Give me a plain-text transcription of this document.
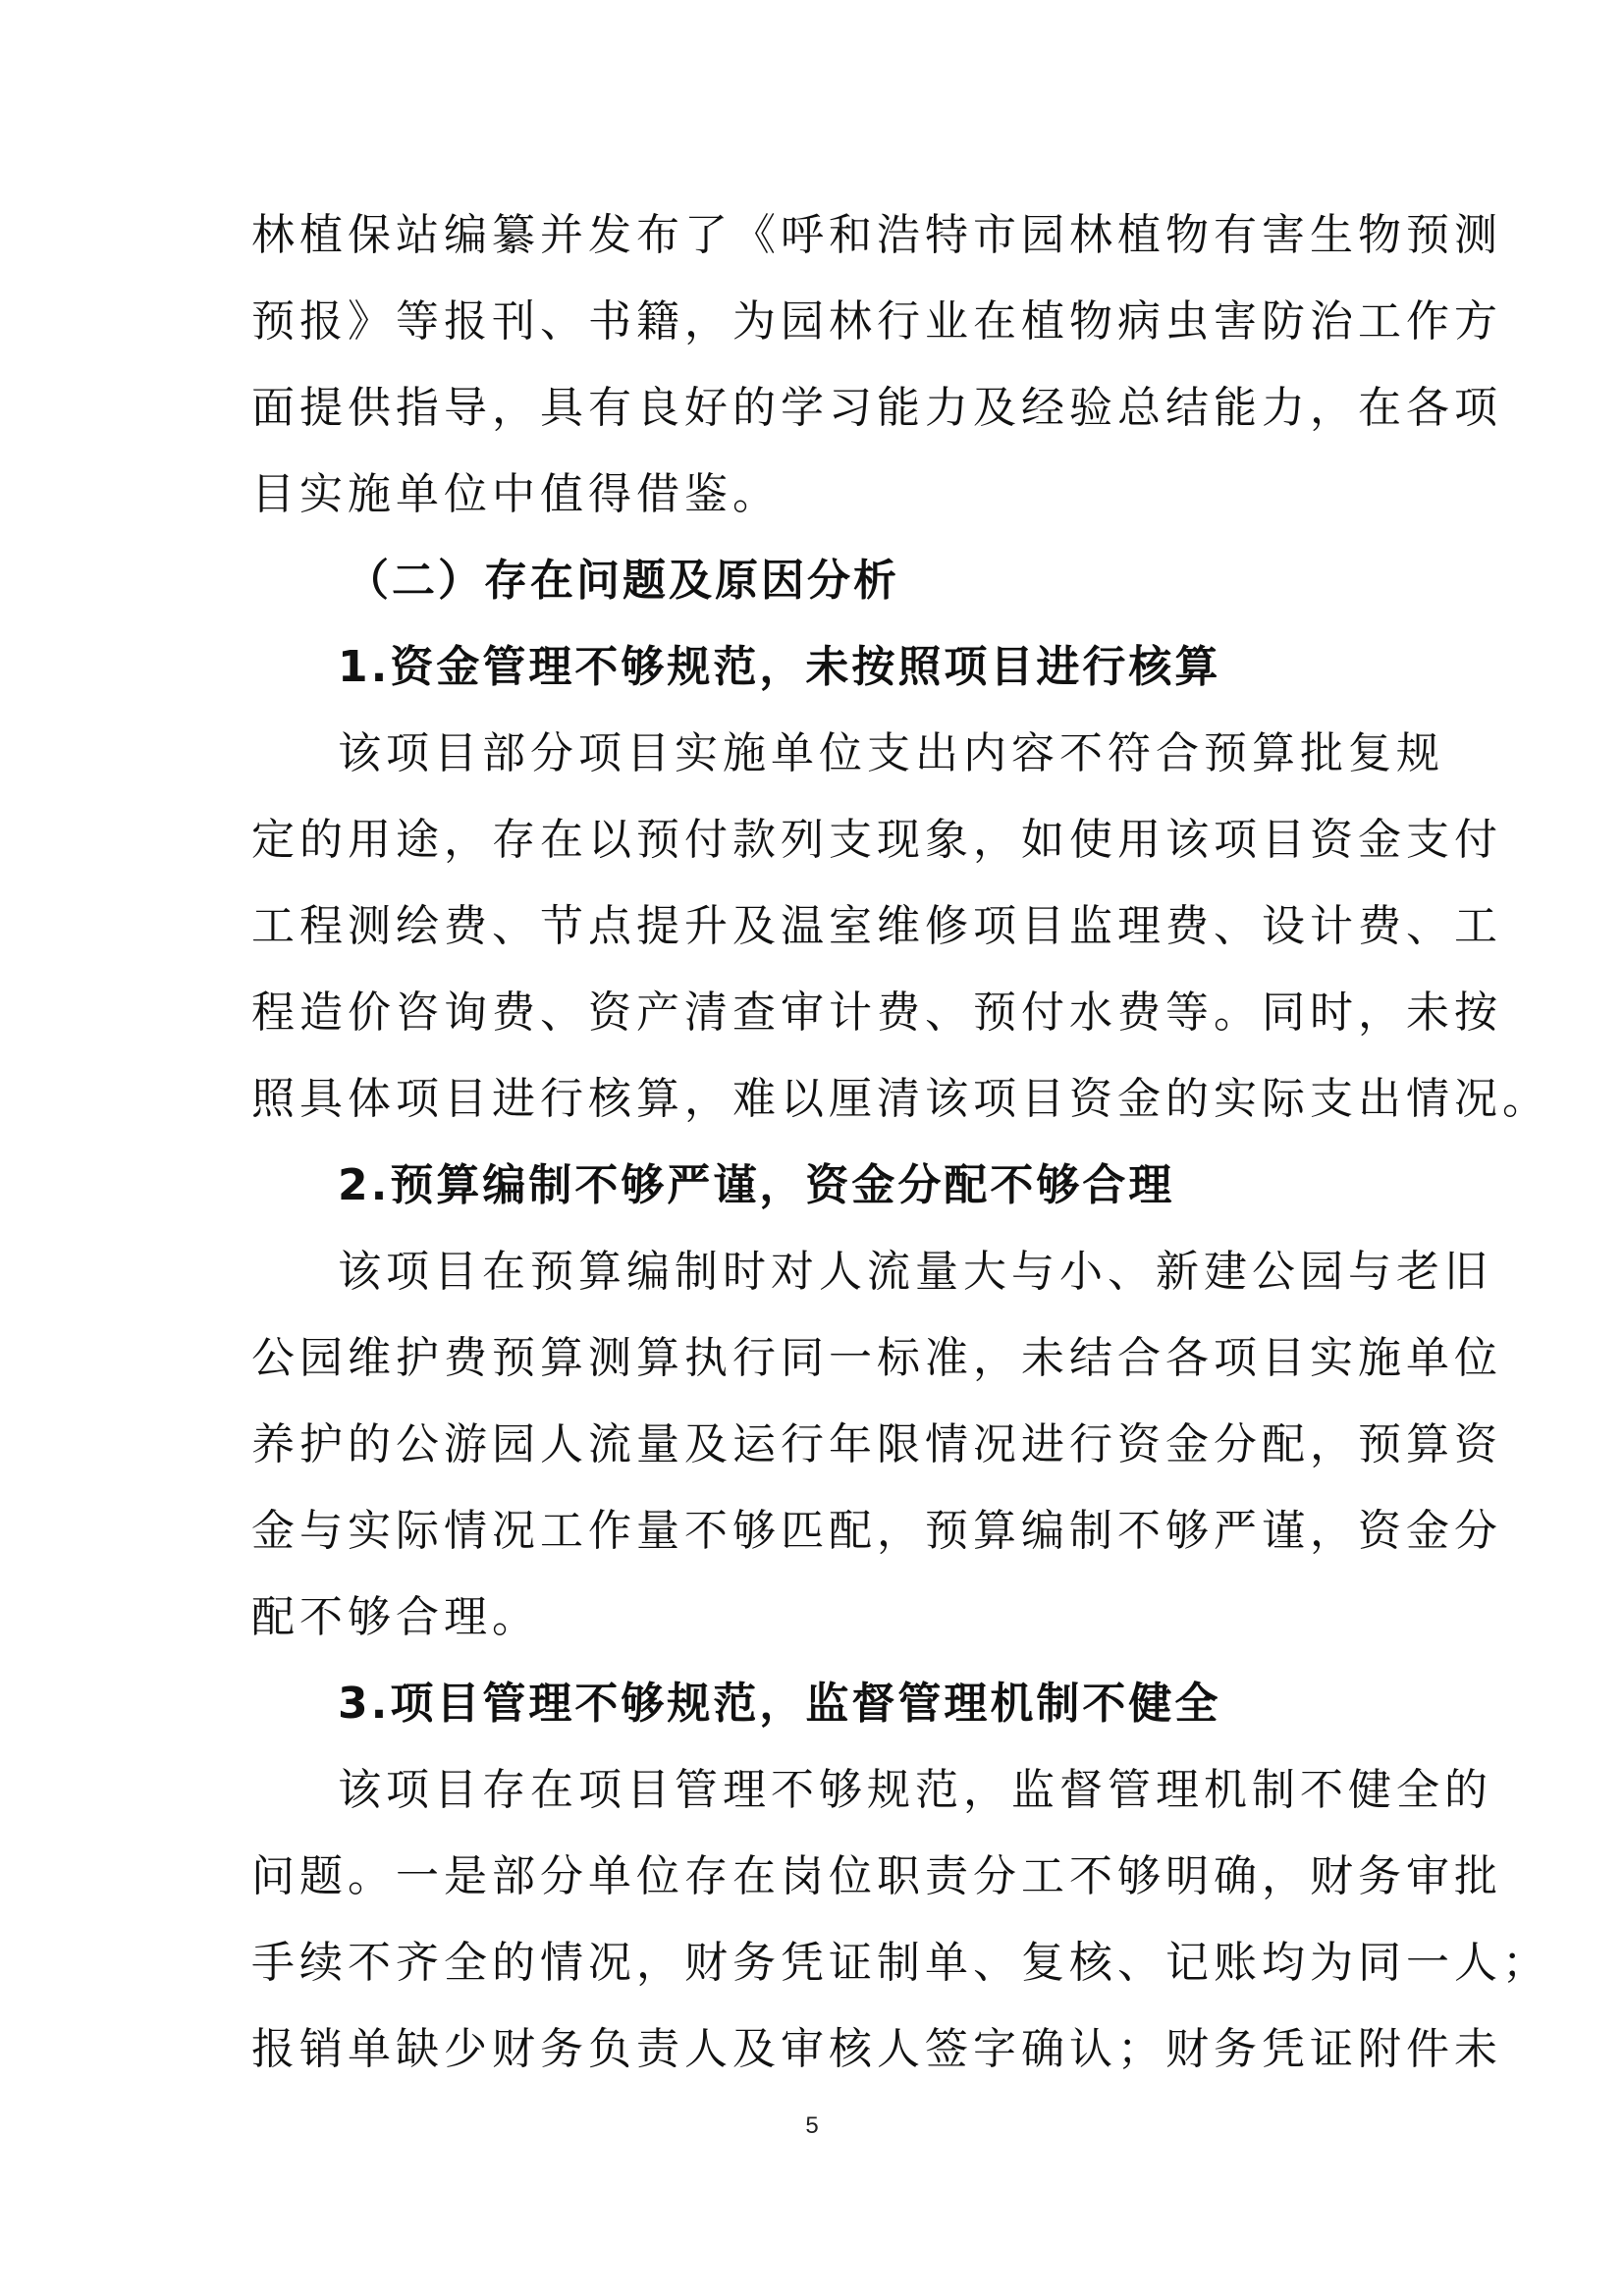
林植保站编纂并发布了《呼和浩特市园林植物有害生物预测
预报》等报刊、书籍，为园林行业在植物病虫害防治工作方
面提供指导，具有良好的学习能力及经验总结能力，在各项
目实施单位中值得借鉴。
（二）存在问题及原因分析
1.资金管理不够规范，未按照项目进行核算
该项目部分项目实施单位支出内容不符合预算批复规
定的用途，存在以预付款列支现象，如使用该项目资金支付
工程测绘费、节点提升及温室维修项目监理费、设计费、工
程造价咨询费、资产清查审计费、预付水费等。同时，未按
照具体项目进行核算，难以厘清该项目资金的实际支出情况。
2.预算编制不够严谨，资金分配不够合理
该项目在预算编制时对人流量大与小、新建公园与老旧
公园维护费预算测算执行同一标准，未结合各项目实施单位
养护的公游园人流量及运行年限情况进行资金分配，预算资
金与实际情况工作量不够匹配，预算编制不够严谨，资金分
配不够合理。
3.项目管理不够规范，监督管理机制不健全
该项目存在项目管理不够规范，监督管理机制不健全的
问题。一是部分单位存在岗位职责分工不够明确，财务审批
手续不齐全的情况，财务凭证制单、复核、记账均为同一人；
报销单缺少财务负责人及审核人签字确认；财务凭证附件未
5
